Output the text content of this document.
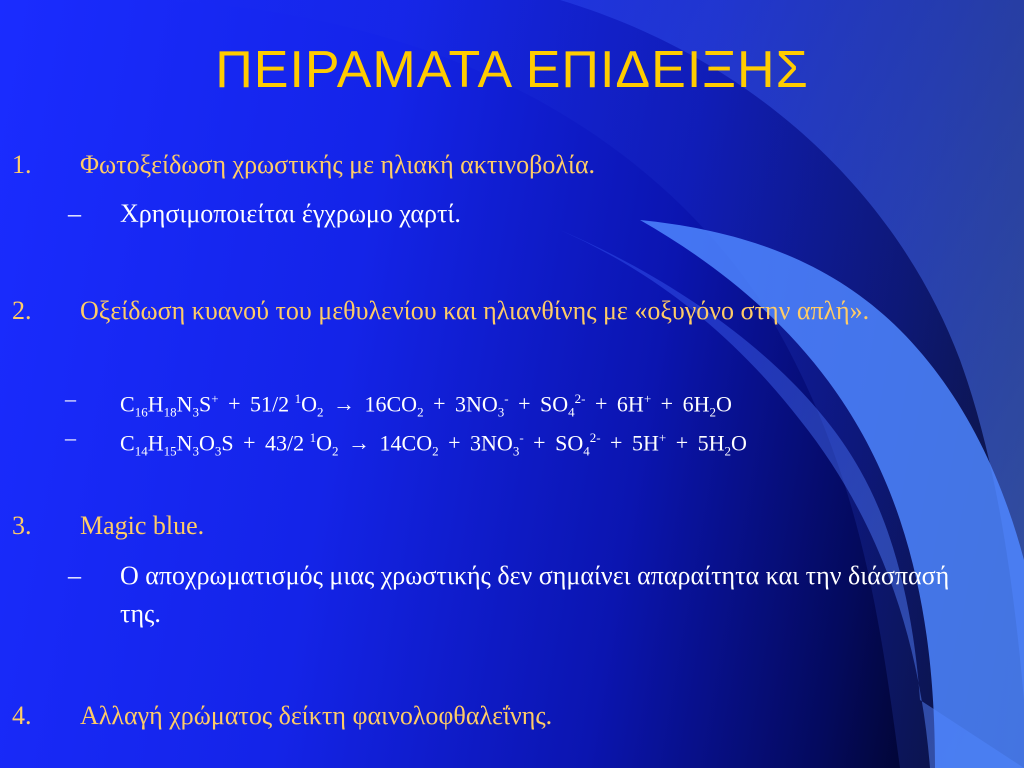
ΠΕΙΡΑΜΑΤΑ ΕΠΙΔΕΙΞΗΣ
1. Φωτοξείδωση χρωστικής με ηλιακή ακτινοβολία.
– Χρησιμοποιείται έγχρωμο χαρτί.
2. Οξείδωση κυανού του μεθυλενίου και ηλιανθίνης με «οξυγόνο στην απλή».
– $C_{16}H_{18}N_3S^+ + 51/2$ $^1O_2 \to 16CO_2 + 3NO_3^- + SO_4^{2-} + 6H^+ + 6H_2O$
– $C_{14}H_{15}N_3O_3S + 43/2$ $^1O_2 \to 14CO_2 + 3NO_3^- + SO_4^{2-} + 5H^+ + 5H_2O$
3. Magic blue.
– Ο αποχρωματισμός μιας χρωστικής δεν σημαίνει απαραίτητα και την διάσπασή της.
4. Αλλαγή χρώματος δείκτη φαινολοφθαλεΐνης.
